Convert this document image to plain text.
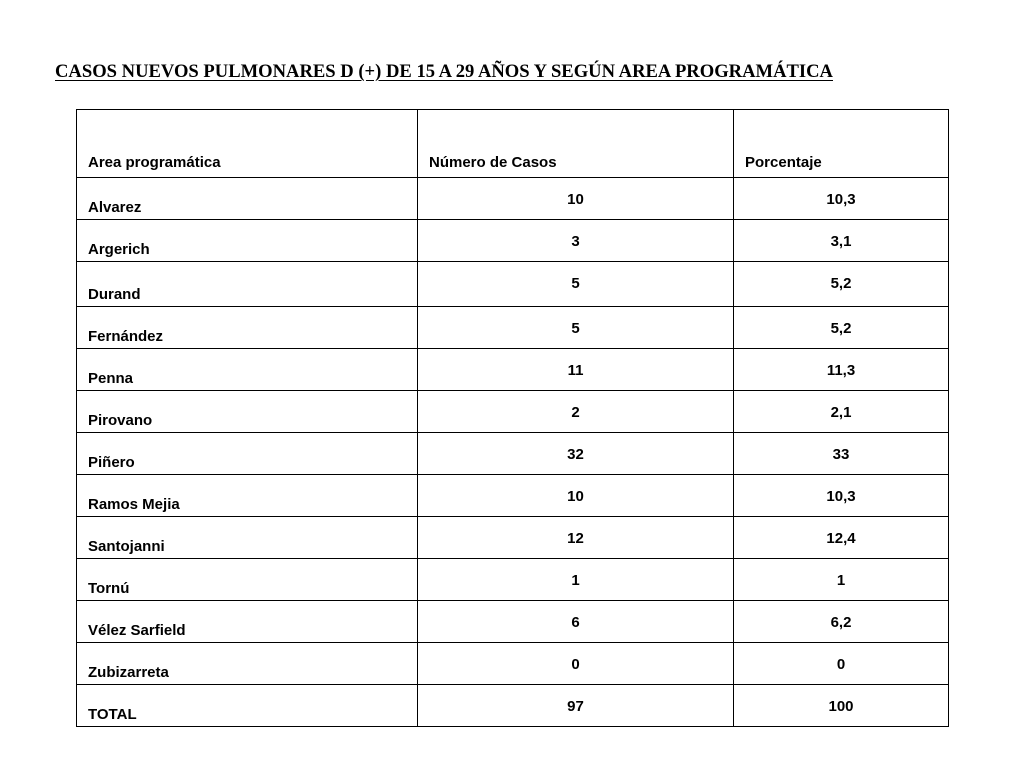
CASOS NUEVOS PULMONARES D (+) DE 15 A 29 AÑOS Y SEGÚN AREA PROGRAMÁTICA
Area programática	Número de Casos	Porcentaje
Alvarez	10	10,3
Argerich	3	3,1
Durand	5	5,2
Fernández	5	5,2
Penna	11	11,3
Pirovano	2	2,1
Piñero	32	33
Ramos Mejia	10	10,3
Santojanni	12	12,4
Tornú	1	1
Vélez Sarfield	6	6,2
Zubizarreta	0	0
TOTAL	97	100
